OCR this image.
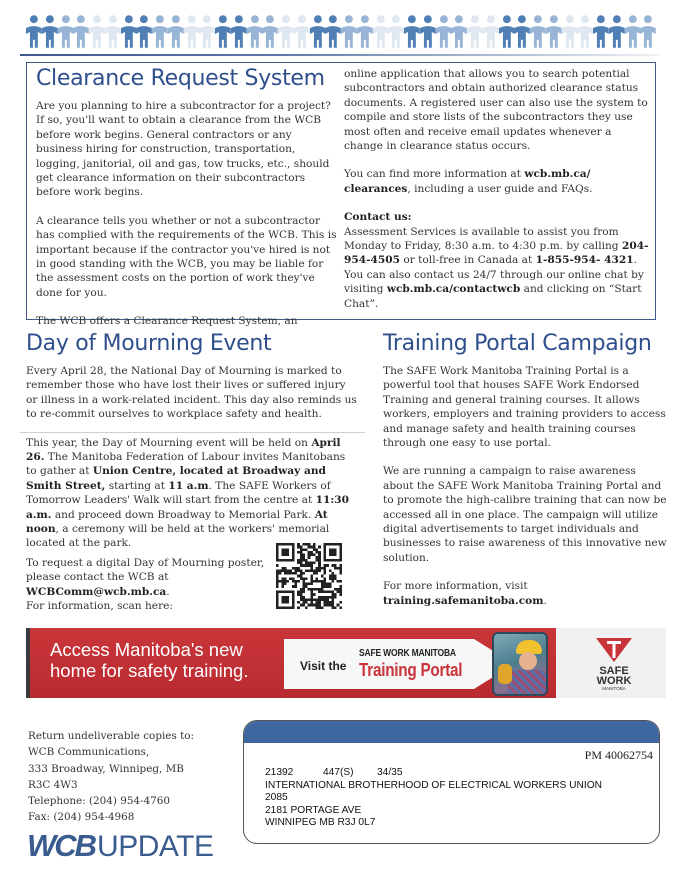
Clearance Request System

Are you planning to hire a subcontractor for a project? If so, you'll want to obtain a clearance from the WCB before work begins. General contractors or any business hiring for construction, transportation, logging, janitorial, oil and gas, tow trucks, etc., should get clearance information on their subcontractors before work begins.

A clearance tells you whether or not a subcontractor has complied with the requirements of the WCB. This is important because if the contractor you've hired is not in good standing with the WCB, you may be liable for the assessment costs on the portion of work they've done for you.

The WCB offers a Clearance Request System, an

online application that allows you to search potential subcontractors and obtain authorized clearance status documents. A registered user can also use the system to compile and store lists of the subcontractors they use most often and receive email updates whenever a change in clearance status occurs.

You can find more information at wcb.mb.ca/ clearances, including a user guide and FAQs.

Contact us:
Assessment Services is available to assist you from Monday to Friday, 8:30 a.m. to 4:30 p.m. by calling 204-954-4505 or toll-free in Canada at 1-855-954- 4321. You can also contact us 24/7 through our online chat by visiting wcb.mb.ca/contactwcb and clicking on “Start Chat”.

Day of Mourning Event

Every April 28, the National Day of Mourning is marked to remember those who have lost their lives or suffered injury or illness in a work-related incident. This day also reminds us to re-commit ourselves to workplace safety and health.

This year, the Day of Mourning event will be held on April 26. The Manitoba Federation of Labour invites Manitobans to gather at Union Centre, located at Broadway and Smith Street, starting at 11 a.m. The SAFE Workers of Tomorrow Leaders' Walk will start from the centre at 11:30 a.m. and proceed down Broadway to Memorial Park. At noon, a ceremony will be held at the workers' memorial located at the park.

To request a digital Day of Mourning poster, please contact the WCB at WCBComm@wcb.mb.ca.
For information, scan here:

Training Portal Campaign

The SAFE Work Manitoba Training Portal is a powerful tool that houses SAFE Work Endorsed Training and general training courses. It allows workers, employers and training providers to access and manage safety and health training courses through one easy to use portal.

We are running a campaign to raise awareness about the SAFE Work Manitoba Training Portal and to promote the high-calibre training that can now be accessed all in one place. The campaign will utilize digital advertisements to target individuals and businesses to raise awareness of this innovative new solution.

For more information, visit
training.safemanitoba.com.

Access Manitoba's new home for safety training.	Visit the
SAFE WORK MANITOBA
Training Portal	SAFE
WORK
MANITOBA

Return undeliverable copies to:
WCB Communications,
333 Broadway, Winnipeg, MB
R3C 4W3
Telephone: (204) 954-4760
Fax: (204) 954-4968

WCB UPDATE
PM 40062754
21392	447(S) 34/35
INTERNATIONAL BROTHERHOOD OF ELECTRICAL WORKERS UNION
2085
2181 PORTAGE AVE
WINNIPEG MB R3J 0L7
